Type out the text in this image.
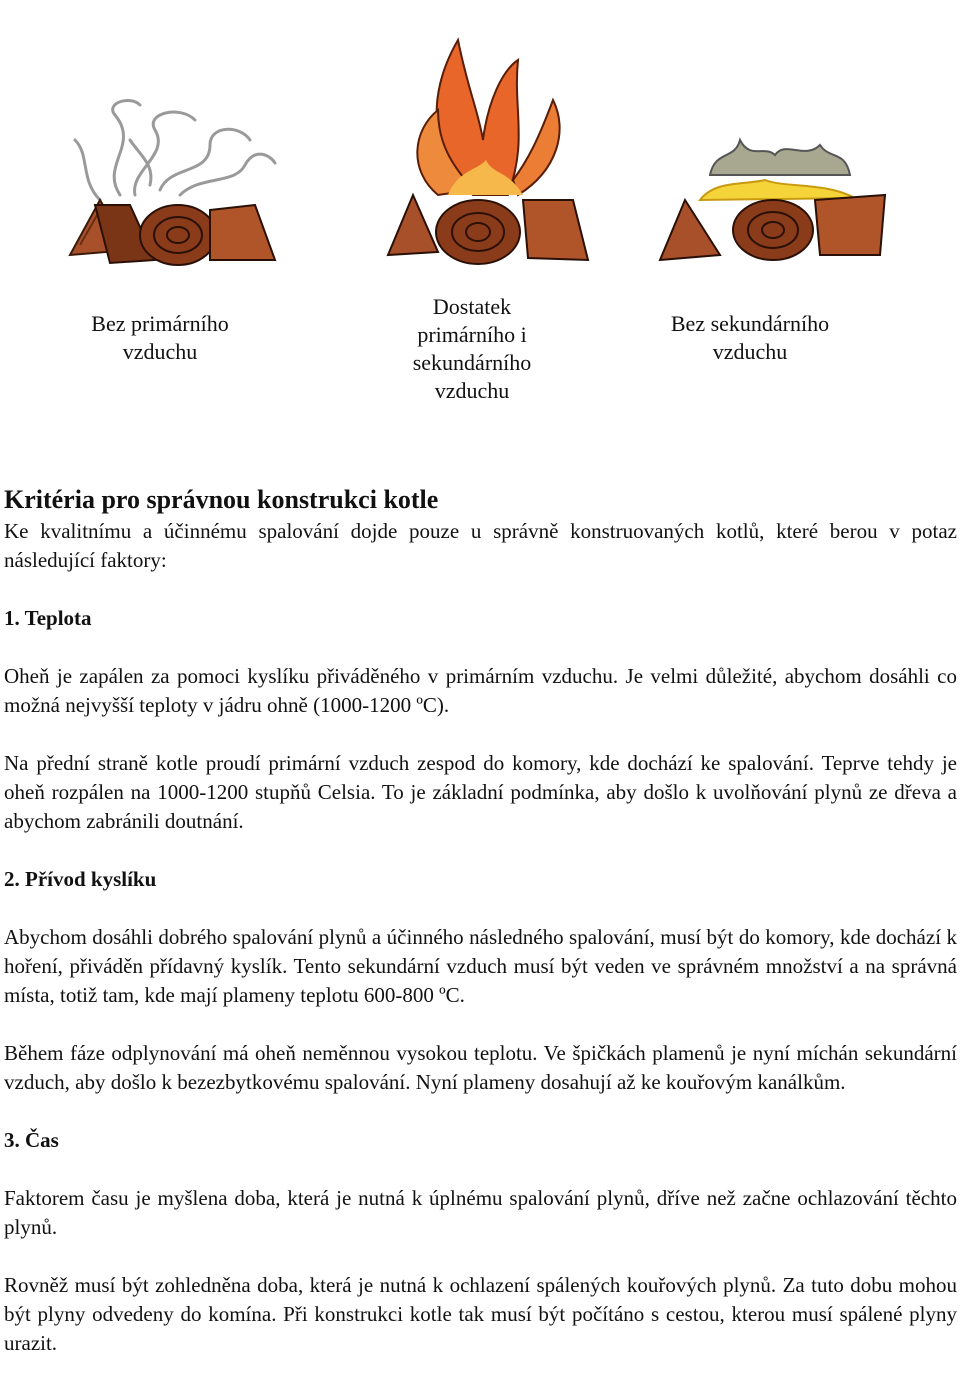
Bez primárního vzduchu
Dostatek primárního i sekundárního vzduchu
Bez sekundárního vzduchu
Kritéria pro správnou konstrukci kotle

Ke kvalitnímu a účinnému spalování dojde pouze u správně konstruovaných kotlů, které berou v potaz následující faktory:

1. Teplota

Oheň je zapálen za pomoci kyslíku přiváděného v primárním vzduchu. Je velmi důležité, abychom dosáhli co možná nejvyšší teploty v jádru ohně (1000-1200 ºC).

Na přední straně kotle proudí primární vzduch zespod do komory, kde dochází ke spalování. Teprve tehdy je oheň rozpálen na 1000-1200 stupňů Celsia. To je základní podmínka, aby došlo k uvolňování plynů ze dřeva a abychom zabránili doutnání.

2. Přívod kyslíku

Abychom dosáhli dobrého spalování plynů a účinného následného spalování, musí být do komory, kde dochází k hoření, přiváděn přídavný kyslík. Tento sekundární vzduch musí být veden ve správném množství a na správná místa, totiž tam, kde mají plameny teplotu 600-800 ºC.

Během fáze odplynování má oheň neměnnou vysokou teplotu. Ve špičkách plamenů je nyní míchán sekundární vzduch, aby došlo k bezezbytkovému spalování. Nyní plameny dosahují až ke kouřovým kanálkům.

3. Čas

Faktorem času je myšlena doba, která je nutná k úplnému spalování plynů, dříve než začne ochlazování těchto plynů.

Rovněž musí být zohledněna doba, která je nutná k ochlazení spálených kouřových plynů. Za tuto dobu mohou být plyny odvedeny do komína. Při konstrukci kotle tak musí být počítáno s cestou, kterou musí spálené plyny urazit.
